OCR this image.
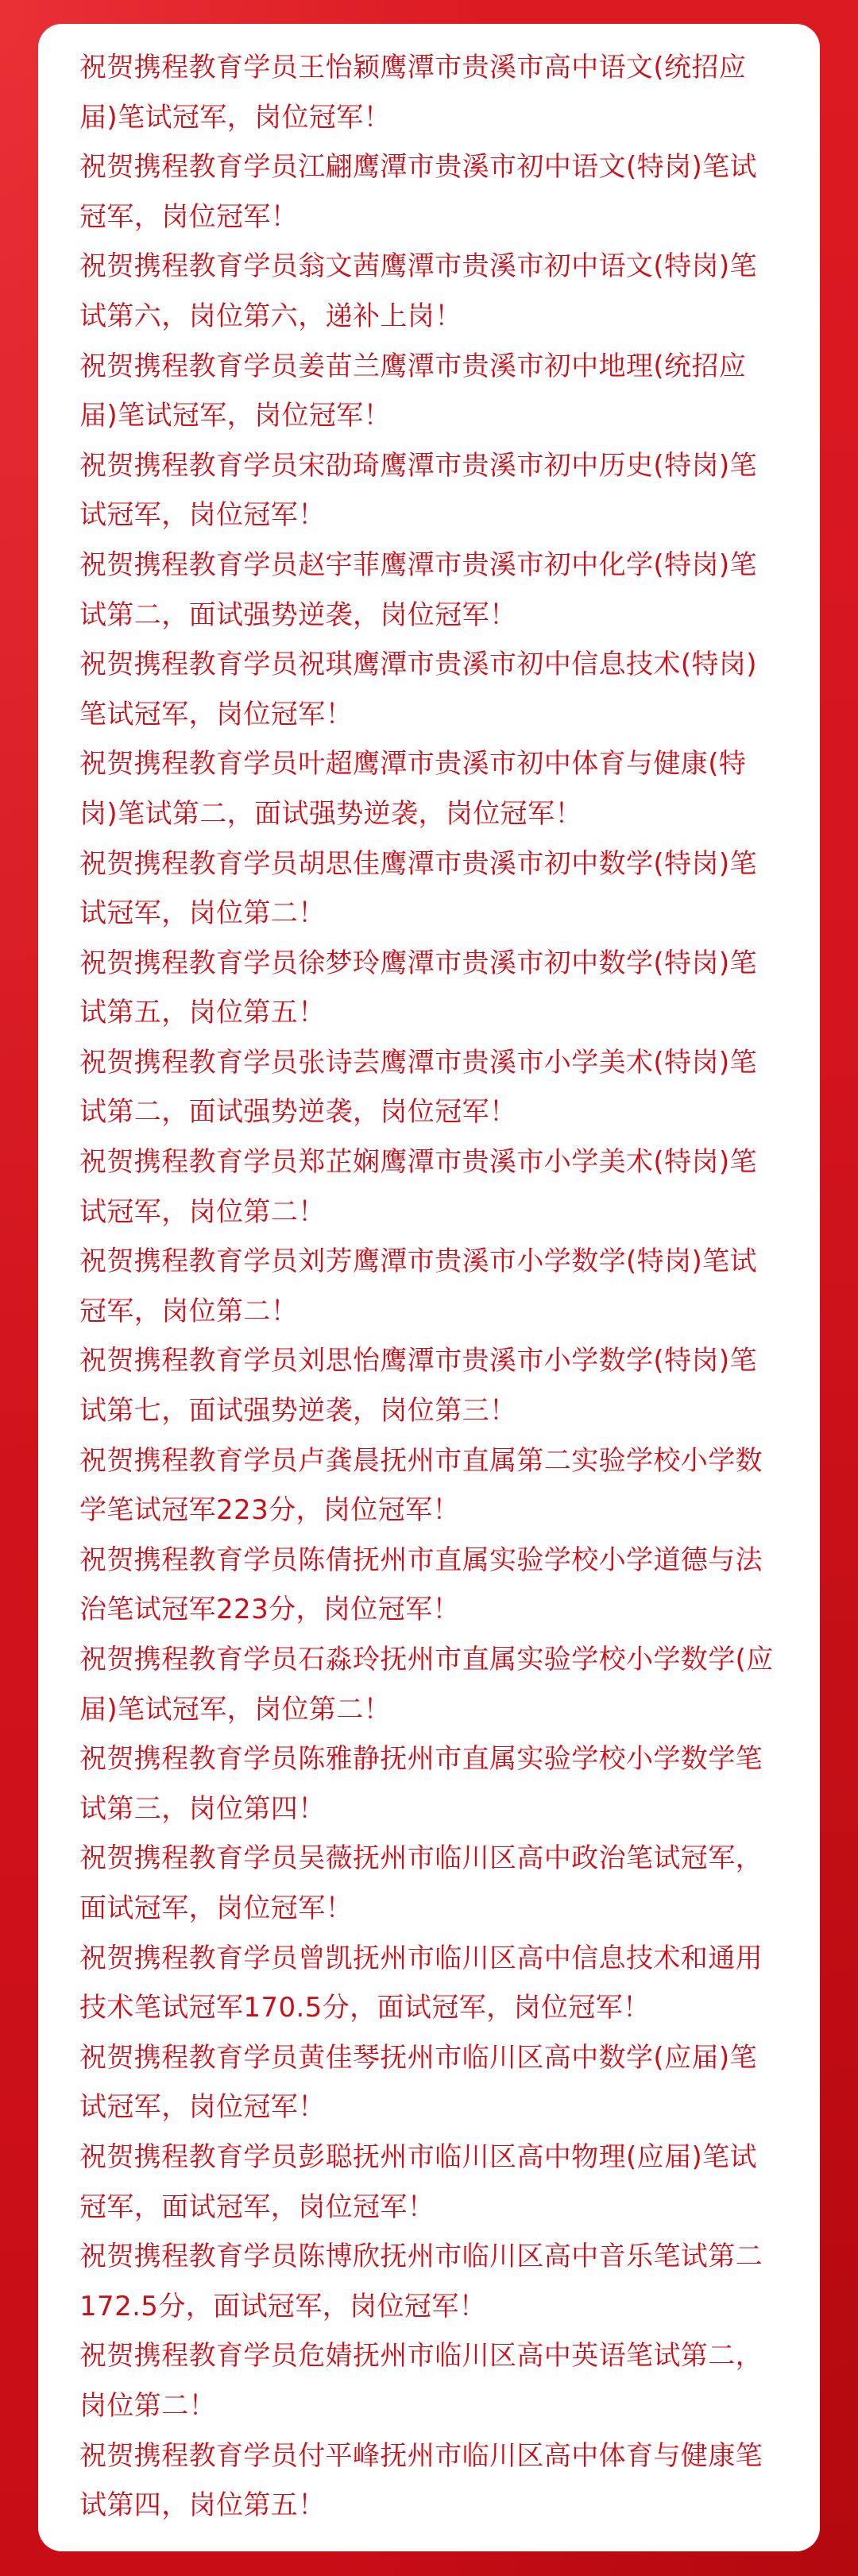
祝贺携程教育学员王怡颖鹰潭市贵溪市高中语文(统招应届)笔试冠军，岗位冠军！

祝贺携程教育学员江翩鹰潭市贵溪市初中语文(特岗)笔试冠军，岗位冠军！

祝贺携程教育学员翁文茜鹰潭市贵溪市初中语文(特岗)笔试第六，岗位第六，递补上岗！

祝贺携程教育学员姜苗兰鹰潭市贵溪市初中地理(统招应届)笔试冠军，岗位冠军！

祝贺携程教育学员宋劭琦鹰潭市贵溪市初中历史(特岗)笔试冠军，岗位冠军！

祝贺携程教育学员赵宇菲鹰潭市贵溪市初中化学(特岗)笔试第二，面试强势逆袭，岗位冠军！

祝贺携程教育学员祝琪鹰潭市贵溪市初中信息技术(特岗)笔试冠军，岗位冠军！

祝贺携程教育学员叶超鹰潭市贵溪市初中体育与健康(特岗)笔试第二，面试强势逆袭，岗位冠军！

祝贺携程教育学员胡思佳鹰潭市贵溪市初中数学(特岗)笔试冠军，岗位第二！

祝贺携程教育学员徐梦玲鹰潭市贵溪市初中数学(特岗)笔试第五，岗位第五！

祝贺携程教育学员张诗芸鹰潭市贵溪市小学美术(特岗)笔试第二，面试强势逆袭，岗位冠军！

祝贺携程教育学员郑芷娴鹰潭市贵溪市小学美术(特岗)笔试冠军，岗位第二！

祝贺携程教育学员刘芳鹰潭市贵溪市小学数学(特岗)笔试冠军，岗位第二！

祝贺携程教育学员刘思怡鹰潭市贵溪市小学数学(特岗)笔试第七，面试强势逆袭，岗位第三！

祝贺携程教育学员卢龚晨抚州市直属第二实验学校小学数学笔试冠军223分，岗位冠军！

祝贺携程教育学员陈倩抚州市直属实验学校小学道德与法治笔试冠军223分，岗位冠军！

祝贺携程教育学员石淼玲抚州市直属实验学校小学数学(应届)笔试冠军，岗位第二！

祝贺携程教育学员陈雅静抚州市直属实验学校小学数学笔试第三，岗位第四！

祝贺携程教育学员吴薇抚州市临川区高中政治笔试冠军，面试冠军，岗位冠军！

祝贺携程教育学员曾凯抚州市临川区高中信息技术和通用技术笔试冠军170.5分，面试冠军，岗位冠军！

祝贺携程教育学员黄佳琴抚州市临川区高中数学(应届)笔试冠军，岗位冠军！

祝贺携程教育学员彭聪抚州市临川区高中物理(应届)笔试冠军，面试冠军，岗位冠军！

祝贺携程教育学员陈博欣抚州市临川区高中音乐笔试第二172.5分，面试冠军，岗位冠军！

祝贺携程教育学员危婧抚州市临川区高中英语笔试第二，岗位第二！

祝贺携程教育学员付平峰抚州市临川区高中体育与健康笔试第四，岗位第五！
